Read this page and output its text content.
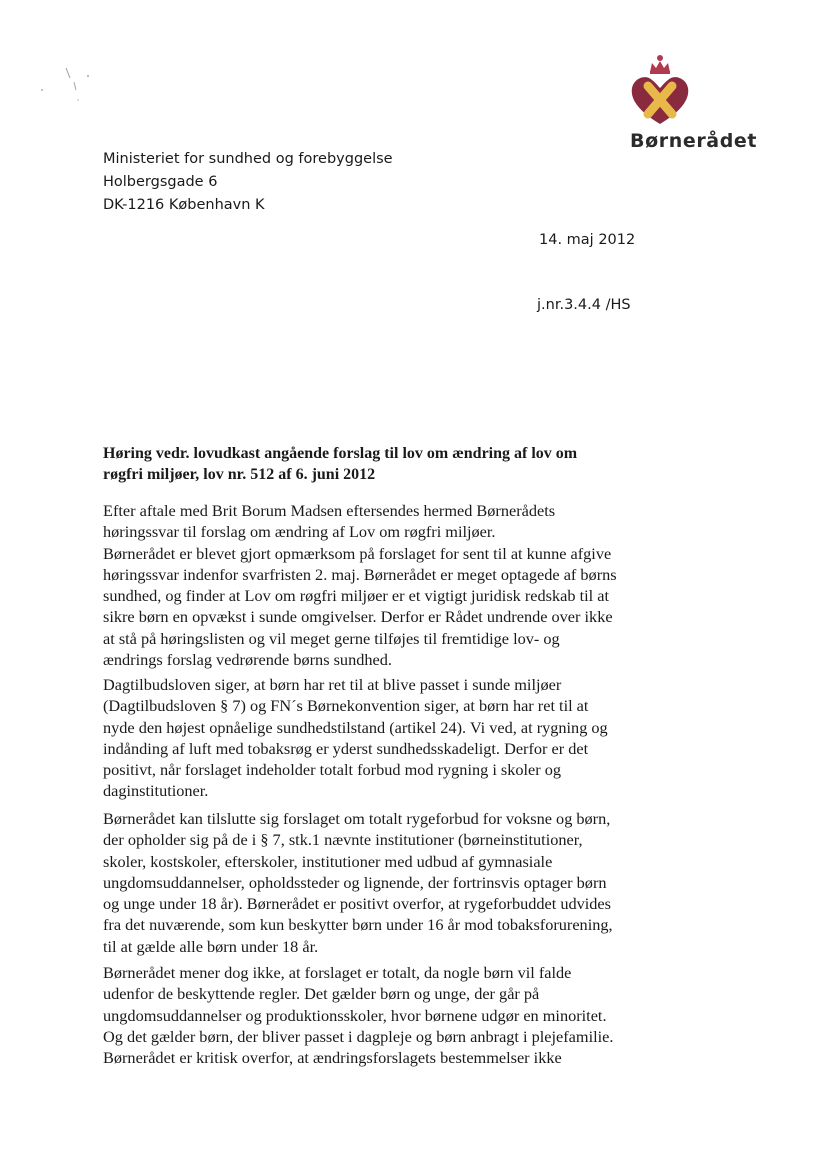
Børnerådet
Ministeriet for sundhed og forebyggelse
Holbergsgade 6
DK-1216 København K
14. maj 2012
j.nr.3.4.4 /HS
Høring vedr. lovudkast angående forslag til lov om ændring af lov om
røgfri miljøer, lov nr. 512 af 6. juni 2012
Efter aftale med Brit Borum Madsen eftersendes hermed Børnerådets
høringssvar til forslag om ændring af Lov om røgfri miljøer.
Børnerådet er blevet gjort opmærksom på forslaget for sent til at kunne afgive
høringssvar indenfor svarfristen 2. maj. Børnerådet er meget optagede af børns
sundhed, og finder at Lov om røgfri miljøer er et vigtigt juridisk redskab til at
sikre børn en opvækst i sunde omgivelser. Derfor er Rådet undrende over ikke
at stå på høringslisten og vil meget gerne tilføjes til fremtidige lov- og
ændrings forslag vedrørende børns sundhed.
Dagtilbudsloven siger, at børn har ret til at blive passet i sunde miljøer
(Dagtilbudsloven § 7) og FN´s Børnekonvention siger, at børn har ret til at
nyde den højest opnåelige sundhedstilstand (artikel 24). Vi ved, at rygning og
indånding af luft med tobaksrøg er yderst sundhedsskadeligt. Derfor er det
positivt, når forslaget indeholder totalt forbud mod rygning i skoler og
daginstitutioner.
Børnerådet kan tilslutte sig forslaget om totalt rygeforbud for voksne og børn,
der opholder sig på de i § 7, stk.1 nævnte institutioner (børneinstitutioner,
skoler, kostskoler, efterskoler, institutioner med udbud af gymnasiale
ungdomsuddannelser, opholdssteder og lignende, der fortrinsvis optager børn
og unge under 18 år). Børnerådet er positivt overfor, at rygeforbuddet udvides
fra det nuværende, som kun beskytter børn under 16 år mod tobaksforurening,
til at gælde alle børn under 18 år.
Børnerådet mener dog ikke, at forslaget er totalt, da nogle børn vil falde
udenfor de beskyttende regler. Det gælder børn og unge, der går på
ungdomsuddannelser og produktionsskoler, hvor børnene udgør en minoritet.
Og det gælder børn, der bliver passet i dagpleje og børn anbragt i plejefamilie.
Børnerådet er kritisk overfor, at ændringsforslagets bestemmelser ikke
